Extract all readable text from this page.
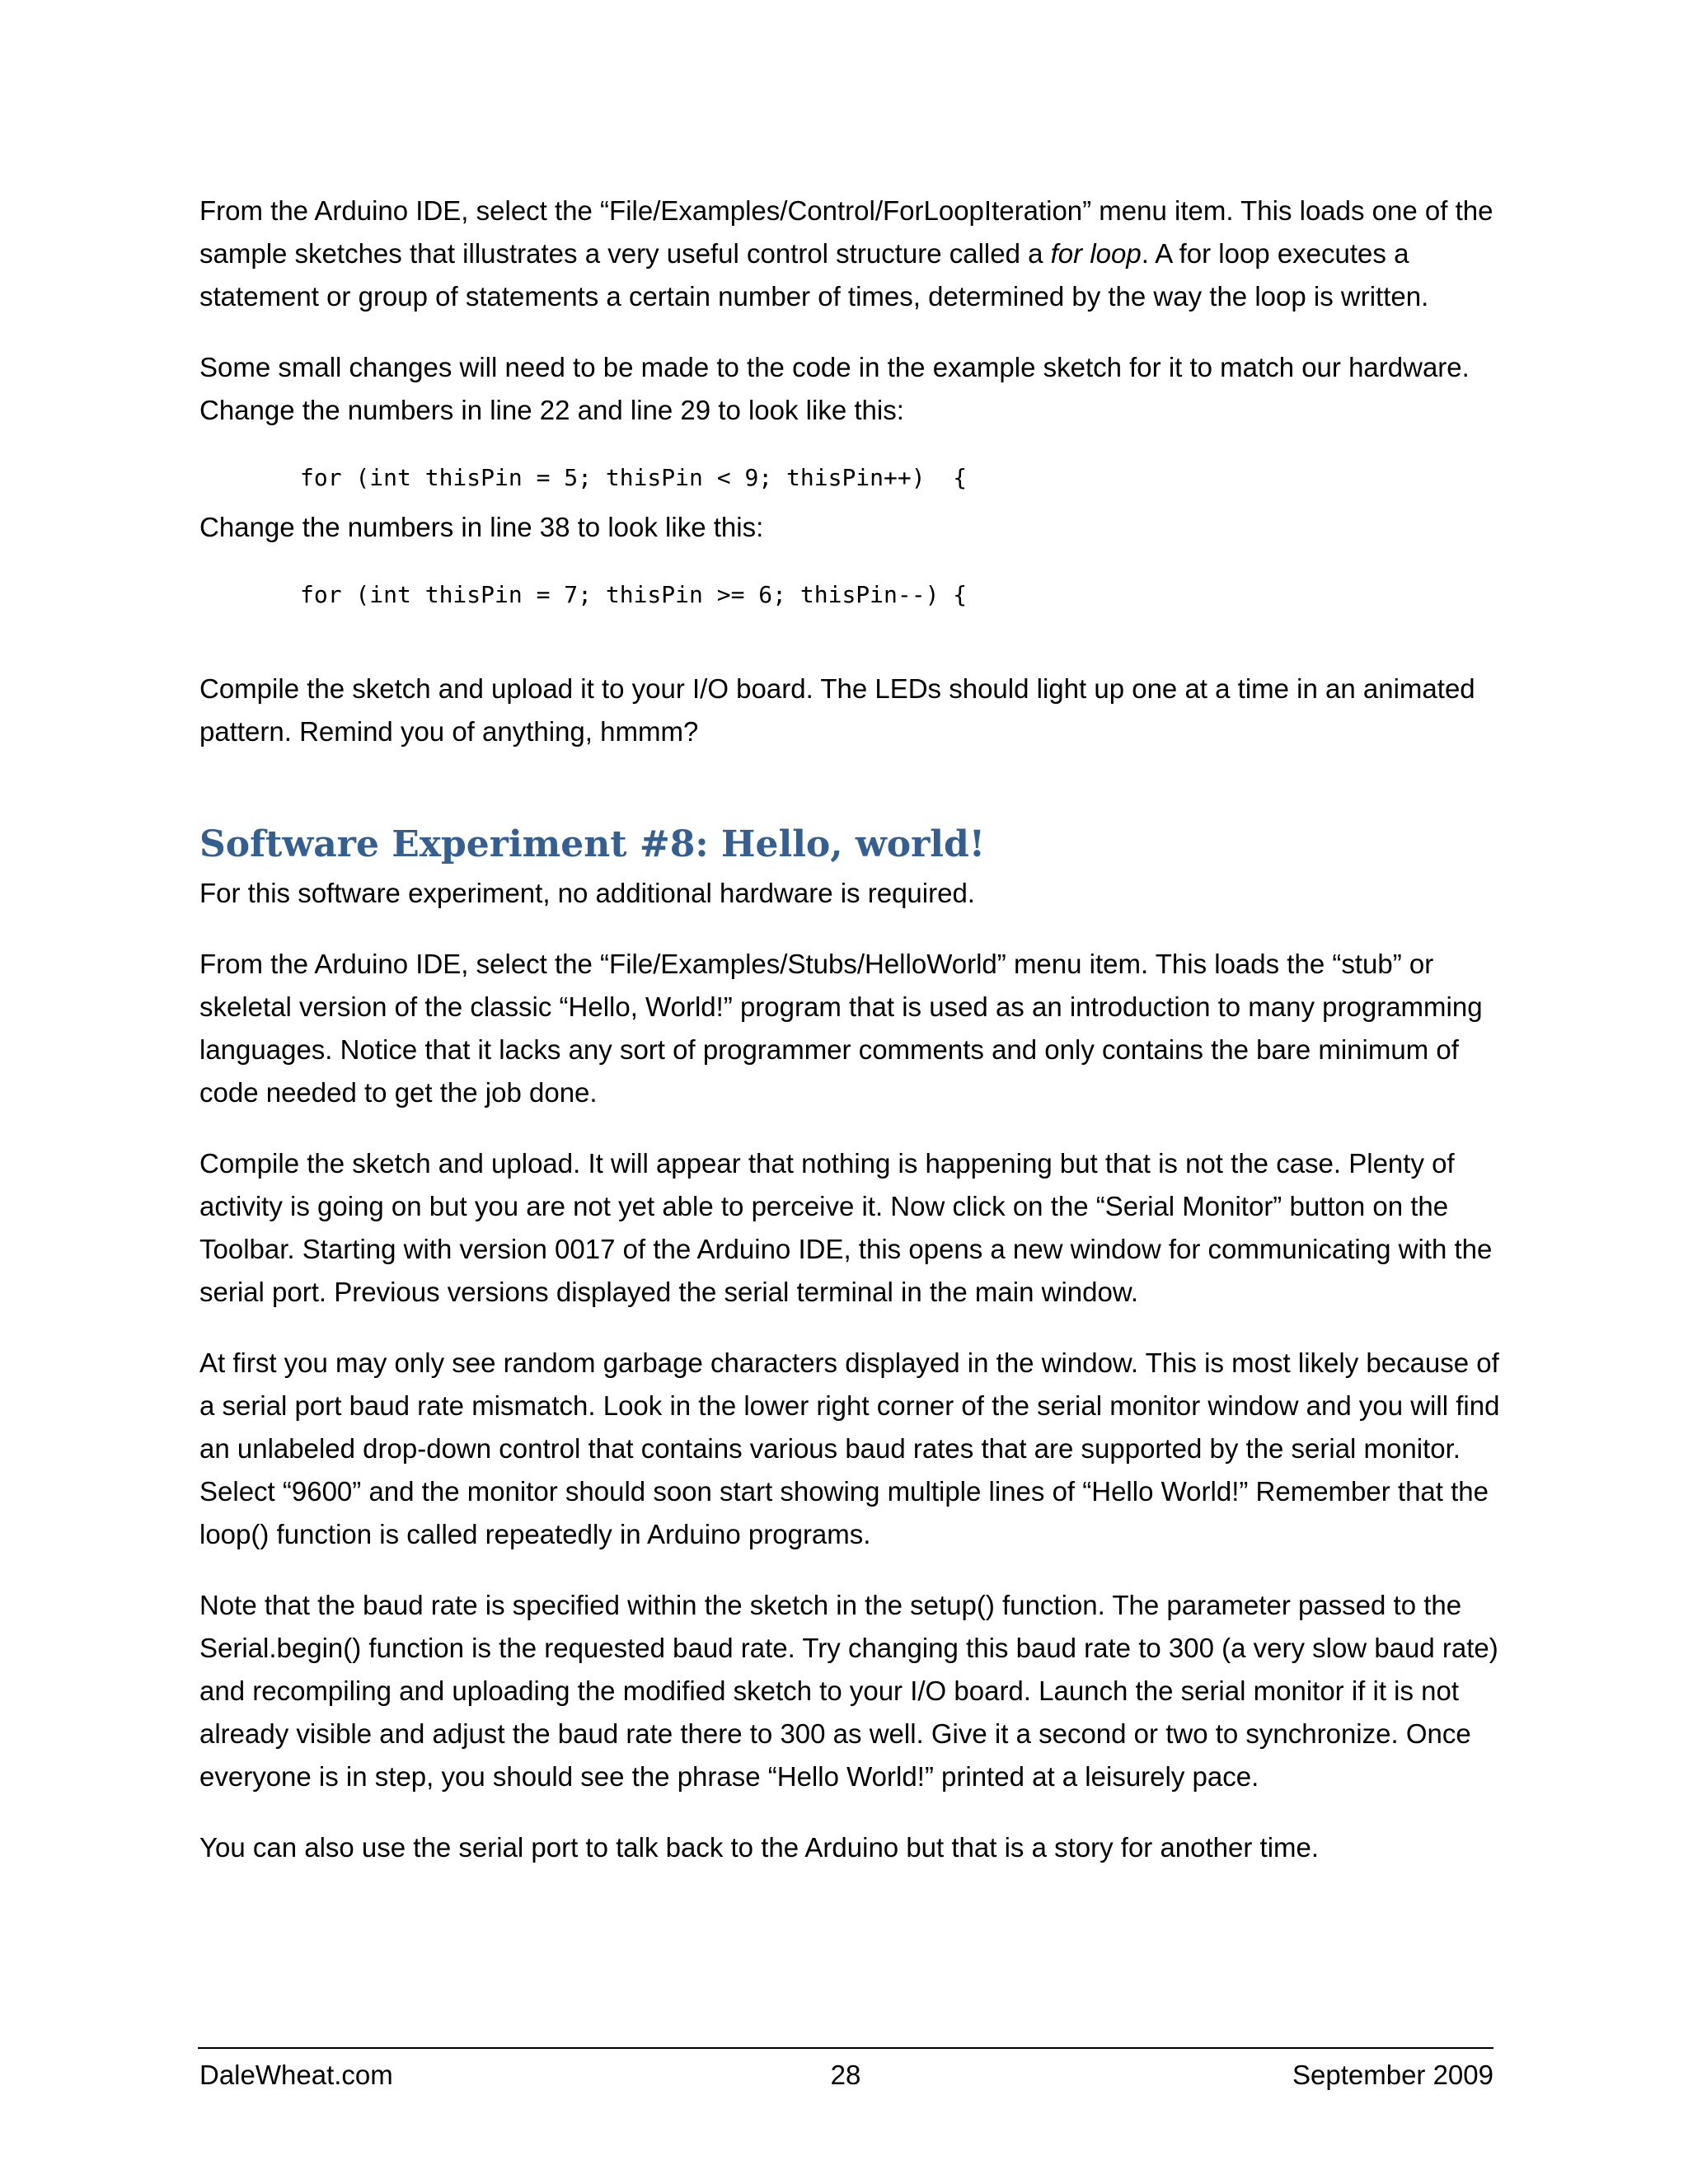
From the Arduino IDE, select the “File/Examples/Control/ForLoopIteration” menu item. This loads one of the sample sketches that illustrates a very useful control structure called a for loop. A for loop executes a statement or group of statements a certain number of times, determined by the way the loop is written.

Some small changes will need to be made to the code in the example sketch for it to match our hardware. Change the numbers in line 22 and line 29 to look like this:

for (int thisPin = 5; thisPin < 9; thisPin++)  {

Change the numbers in line 38 to look like this:

for (int thisPin = 7; thisPin >= 6; thisPin--) {

Compile the sketch and upload it to your I/O board. The LEDs should light up one at a time in an animated pattern. Remind you of anything, hmmm?

Software Experiment #8: Hello, world!

For this software experiment, no additional hardware is required.

From the Arduino IDE, select the “File/Examples/Stubs/HelloWorld” menu item. This loads the “stub” or skeletal version of the classic “Hello, World!” program that is used as an introduction to many programming languages. Notice that it lacks any sort of programmer comments and only contains the bare minimum of code needed to get the job done.

Compile the sketch and upload. It will appear that nothing is happening but that is not the case. Plenty of activity is going on but you are not yet able to perceive it. Now click on the “Serial Monitor” button on the Toolbar. Starting with version 0017 of the Arduino IDE, this opens a new window for communicating with the serial port. Previous versions displayed the serial terminal in the main window.

At first you may only see random garbage characters displayed in the window. This is most likely because of a serial port baud rate mismatch. Look in the lower right corner of the serial monitor window and you will find an unlabeled drop-down control that contains various baud rates that are supported by the serial monitor. Select “9600” and the monitor should soon start showing multiple lines of “Hello World!” Remember that the loop() function is called repeatedly in Arduino programs.

Note that the baud rate is specified within the sketch in the setup() function. The parameter passed to the Serial.begin() function is the requested baud rate. Try changing this baud rate to 300 (a very slow baud rate) and recompiling and uploading the modified sketch to your I/O board. Launch the serial monitor if it is not already visible and adjust the baud rate there to 300 as well. Give it a second or two to synchronize. Once everyone is in step, you should see the phrase “Hello World!” printed at a leisurely pace.

You can also use the serial port to talk back to the Arduino but that is a story for another time.

DaleWheat.com	28	September 2009
